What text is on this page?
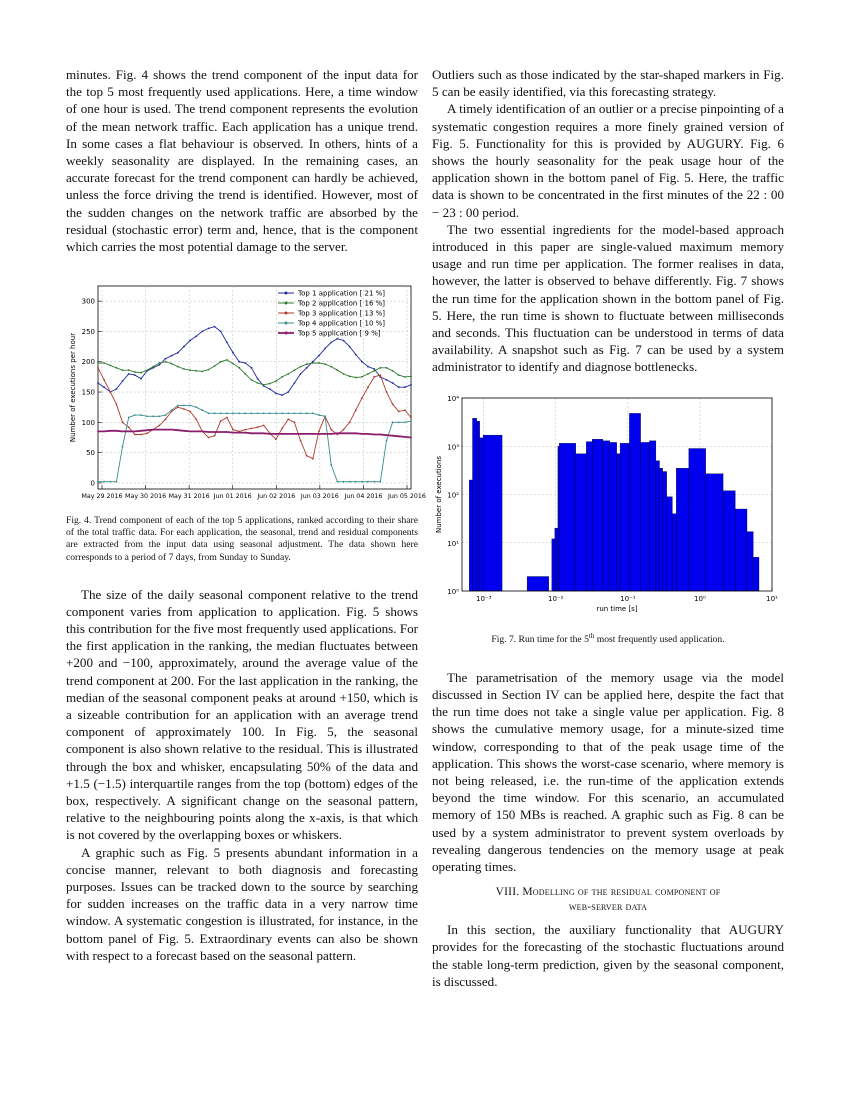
minutes. Fig. 4 shows the trend component of the input data for the top 5 most frequently used applications. Here, a time window of one hour is used. The trend component represents the evolution of the mean network traffic. Each application has a unique trend. In some cases a flat behaviour is observed. In others, hints of a weekly seasonality are displayed. In the remaining cases, an accurate forecast for the trend component can hardly be achieved, unless the force driving the trend is identified. However, most of the sudden changes on the network traffic are absorbed by the residual (stochastic error) term and, hence, that is the component which carries the most potential damage to the server.

0
50
100
150
200
250
300
May 29 2016 May 30 2016 May 31 2016 Jun 01 2016 Jun 02 2016 Jun 03 2016 Jun 04 2016 Jun 05 2016
Number of executions per hour
Top 1 application [ 21 %]
Top 2 application [ 16 %]
Top 3 application [ 13 %]
Top 4 application [ 10 %]
Top 5 application [ 9 %]

Fig. 4. Trend component of each of the top 5 applications, ranked according to their share of the total traffic data. For each application, the seasonal, trend and residual components are extracted from the input data using seasonal adjustment. The data shown here corresponds to a period of 7 days, from Sunday to Sunday.

The size of the daily seasonal component relative to the trend component varies from application to application. Fig. 5 shows this contribution for the five most frequently used applications. For the first application in the ranking, the median fluctuates between +200 and −100, approximately, around the average value of the trend component at 200. For the last application in the ranking, the median of the seasonal component peaks at around +150, which is a sizeable contribution for an application with an average trend component of approximately 100. In Fig. 5, the seasonal component is also shown relative to the residual. This is illustrated through the box and whisker, encapsulating 50% of the data and +1.5 (−1.5) interquartile ranges from the top (bottom) edges of the box, respectively. A significant change on the seasonal pattern, relative to the neighbouring points along the x-axis, is that which is not covered by the overlapping boxes or whiskers.

A graphic such as Fig. 5 presents abundant information in a concise manner, relevant to both diagnosis and forecasting purposes. Issues can be tracked down to the source by searching for sudden increases on the traffic data in a very narrow time window. A systematic congestion is illustrated, for instance, in the bottom panel of Fig. 5. Extraordinary events can also be shown with respect to a forecast based on the seasonal pattern.

Outliers such as those indicated by the star-shaped markers in Fig. 5 can be easily identified, via this forecasting strategy.

A timely identification of an outlier or a precise pinpointing of a systematic congestion requires a more finely grained version of Fig. 5. Functionality for this is provided by AUGURY. Fig. 6 shows the hourly seasonality for the peak usage hour of the application shown in the bottom panel of Fig. 5. Here, the traffic data is shown to be concentrated in the first minutes of the 22 : 00 − 23 : 00 period.

The two essential ingredients for the model-based approach introduced in this paper are single-valued maximum memory usage and run time per application. The former realises in data, however, the latter is observed to behave differently. Fig. 7 shows the run time for the application shown in the bottom panel of Fig. 5. Here, the run time is shown to fluctuate between milliseconds and seconds. This fluctuation can be understood in terms of data availability. A snapshot such as Fig. 7 can be used by a system administrator to identify and diagnose bottlenecks.

10⁰
10¹
10²
10³
10⁴
10⁻³	10⁻²	10⁻¹	10⁰	10¹
run time [s]
Number of executions

Fig. 7. Run time for the 5th most frequently used application.

The parametrisation of the memory usage via the model discussed in Section IV can be applied here, despite the fact that the run time does not take a single value per application. Fig. 8 shows the cumulative memory usage, for a minute-sized time window, corresponding to that of the peak usage time of the application. This shows the worst-case scenario, where memory is not being released, i.e. the run-time of the application extends beyond the time window. For this scenario, an accumulated memory of 150 MBs is reached. A graphic such as Fig. 8 can be used by a system administrator to prevent system overloads by revealing dangerous tendencies on the memory usage at peak operating times.

VIII. Modelling of the residual component of

web-server data

In this section, the auxiliary functionality that AUGURY provides for the forecasting of the stochastic fluctuations around the stable long-term prediction, given by the seasonal component, is discussed.
